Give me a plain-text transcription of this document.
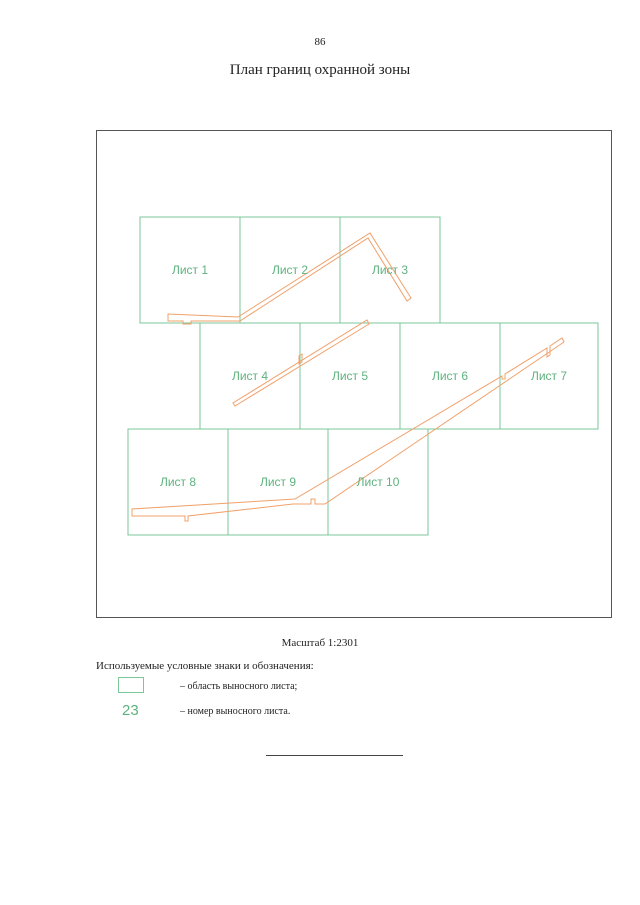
86
План границ охранной зоны
Лист 1	Лист 2	Лист 3
Лист 4	Лист 5	Лист 6	Лист 7
Лист 8	Лист 9	Лист 10
Масштаб 1:2301
Используемые условные знаки и обозначения:
– область выносного листа;
23	– номер выносного листа.
